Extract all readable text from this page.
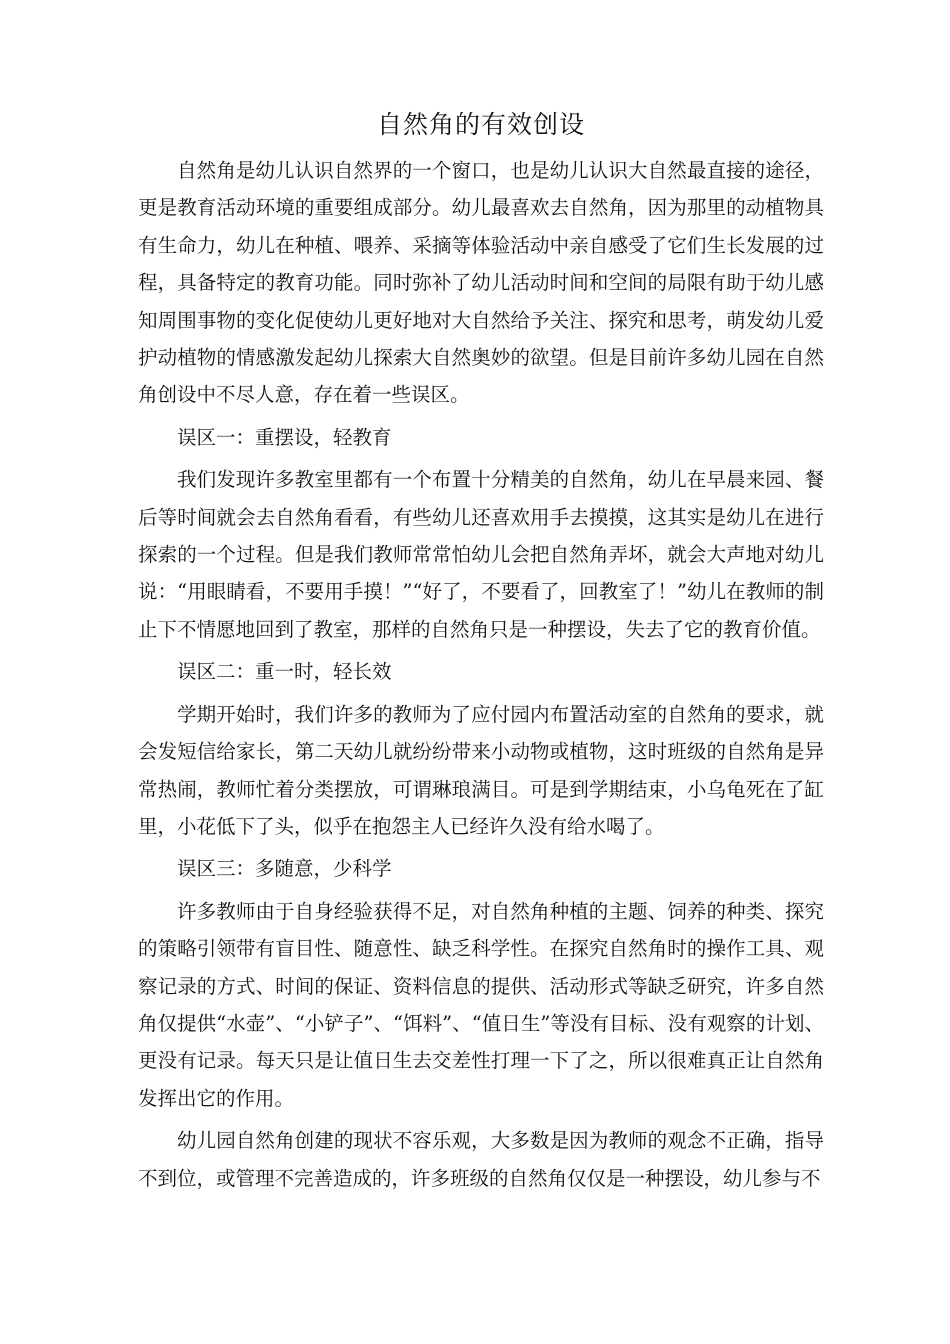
自然角的有效创设

自然角是幼儿认识自然界的一个窗口，也是幼儿认识大自然最直接的途径，更是教育活动环境的重要组成部分。幼儿最喜欢去自然角，因为那里的动植物具有生命力，幼儿在种植、喂养、采摘等体验活动中亲自感受了它们生长发展的过程，具备特定的教育功能。同时弥补了幼儿活动时间和空间的局限有助于幼儿感知周围事物的变化促使幼儿更好地对大自然给予关注、探究和思考，萌发幼儿爱护动植物的情感激发起幼儿探索大自然奥妙的欲望。但是目前许多幼儿园在自然角创设中不尽人意，存在着一些误区。

误区一：重摆设，轻教育

我们发现许多教室里都有一个布置十分精美的自然角，幼儿在早晨来园、餐后等时间就会去自然角看看，有些幼儿还喜欢用手去摸摸，这其实是幼儿在进行探索的一个过程。但是我们教师常常怕幼儿会把自然角弄坏，就会大声地对幼儿说：“用眼睛看，不要用手摸！”“好了，不要看了，回教室了！”幼儿在教师的制止下不情愿地回到了教室，那样的自然角只是一种摆设，失去了它的教育价值。

误区二：重一时，轻长效

学期开始时，我们许多的教师为了应付园内布置活动室的自然角的要求，就会发短信给家长，第二天幼儿就纷纷带来小动物或植物，这时班级的自然角是异常热闹，教师忙着分类摆放，可谓琳琅满目。可是到学期结束，小乌龟死在了缸里，小花低下了头，似乎在抱怨主人已经许久没有给水喝了。

误区三：多随意，少科学

许多教师由于自身经验获得不足，对自然角种植的主题、饲养的种类、探究的策略引领带有盲目性、随意性、缺乏科学性。在探究自然角时的操作工具、观察记录的方式、时间的保证、资料信息的提供、活动形式等缺乏研究，许多自然角仅提供“水壶”、“小铲子”、“饵料”、“值日生”等没有目标、没有观察的计划、更没有记录。每天只是让值日生去交差性打理一下了之，所以很难真正让自然角发挥出它的作用。

幼儿园自然角创建的现状不容乐观，大多数是因为教师的观念不正确，指导不到位，或管理不完善造成的，许多班级的自然角仅仅是一种摆设，幼儿参与不
